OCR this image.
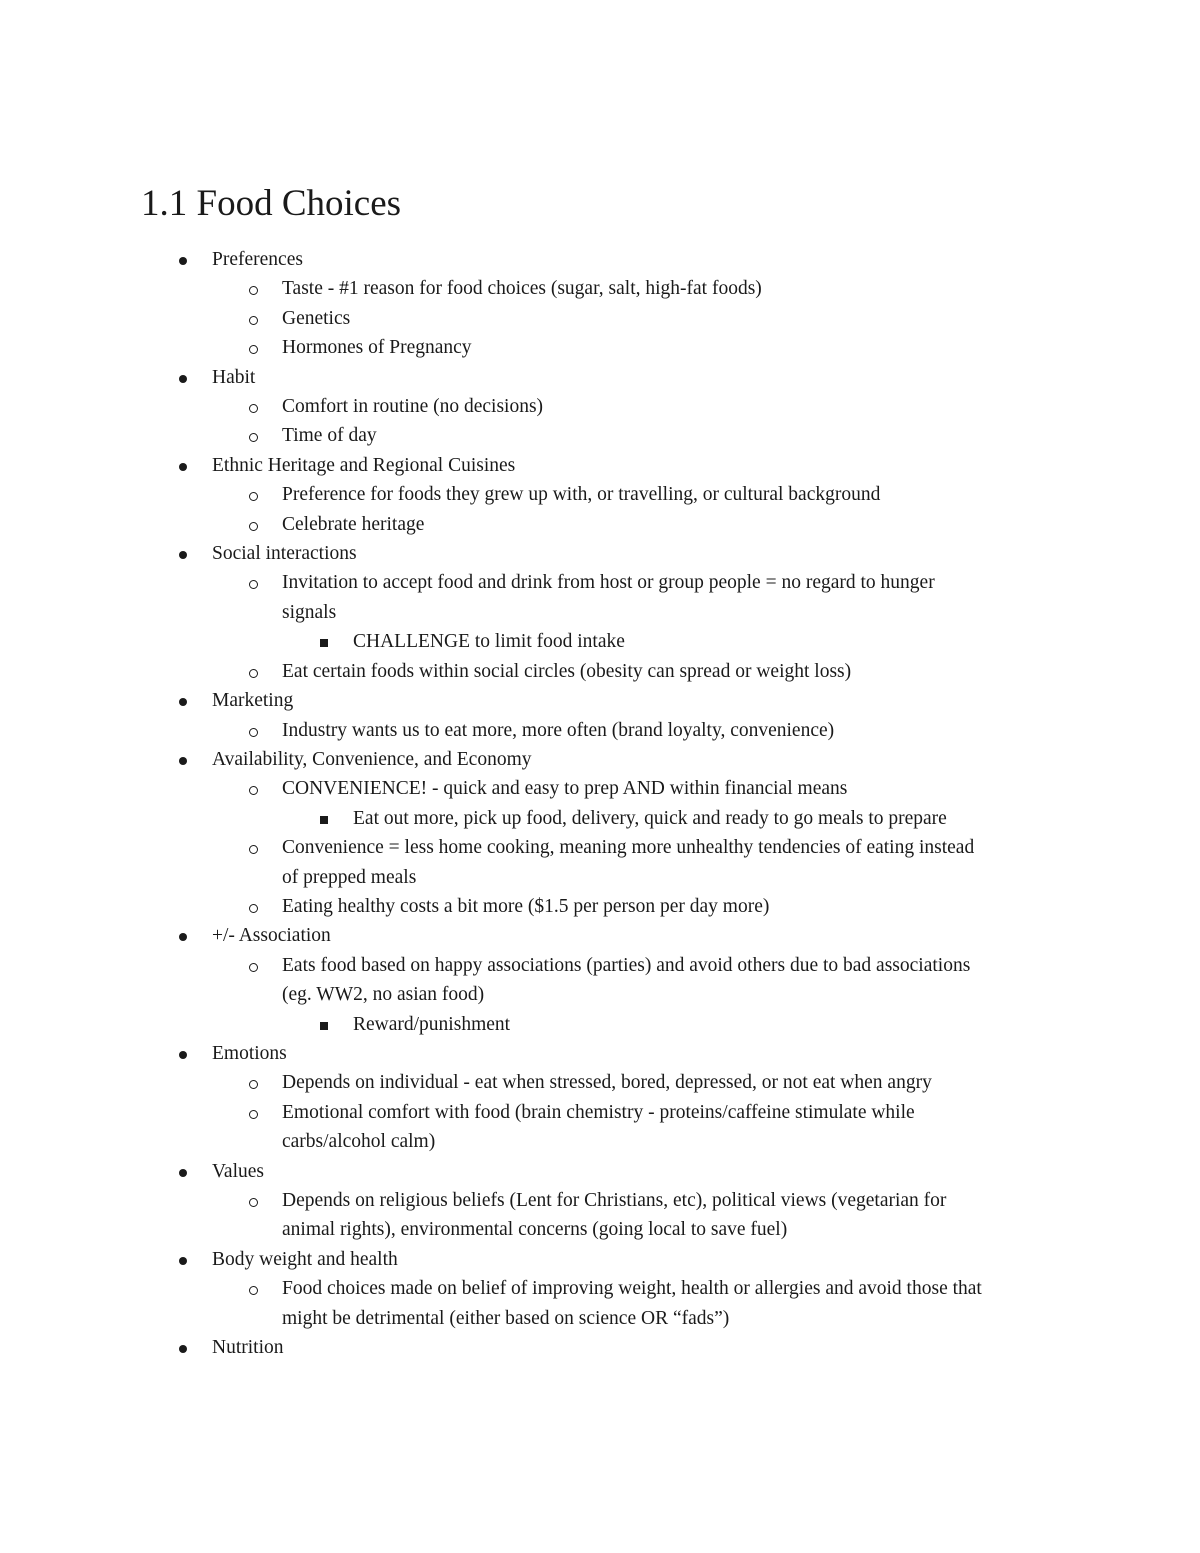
1.1 Food Choices
Preferences
Taste - #1 reason for food choices (sugar, salt, high-fat foods)
Genetics
Hormones of Pregnancy
Habit
Comfort in routine (no decisions)
Time of day
Ethnic Heritage and Regional Cuisines
Preference for foods they grew up with, or travelling, or cultural background
Celebrate heritage
Social interactions
Invitation to accept food and drink from host or group people = no regard to hunger
signals
CHALLENGE to limit food intake
Eat certain foods within social circles (obesity can spread or weight loss)
Marketing
Industry wants us to eat more, more often (brand loyalty, convenience)
Availability, Convenience, and Economy
CONVENIENCE! - quick and easy to prep AND within financial means
Eat out more, pick up food, delivery, quick and ready to go meals to prepare
Convenience = less home cooking, meaning more unhealthy tendencies of eating instead
of prepped meals
Eating healthy costs a bit more ($1.5 per person per day more)
+/- Association
Eats food based on happy associations (parties) and avoid others due to bad associations
(eg. WW2, no asian food)
Reward/punishment
Emotions
Depends on individual - eat when stressed, bored, depressed, or not eat when angry
Emotional comfort with food (brain chemistry - proteins/caffeine stimulate while
carbs/alcohol calm)
Values
Depends on religious beliefs (Lent for Christians, etc), political views (vegetarian for
animal rights), environmental concerns (going local to save fuel)
Body weight and health
Food choices made on belief of improving weight, health or allergies and avoid those that
might be detrimental (either based on science OR “fads”)
Nutrition
